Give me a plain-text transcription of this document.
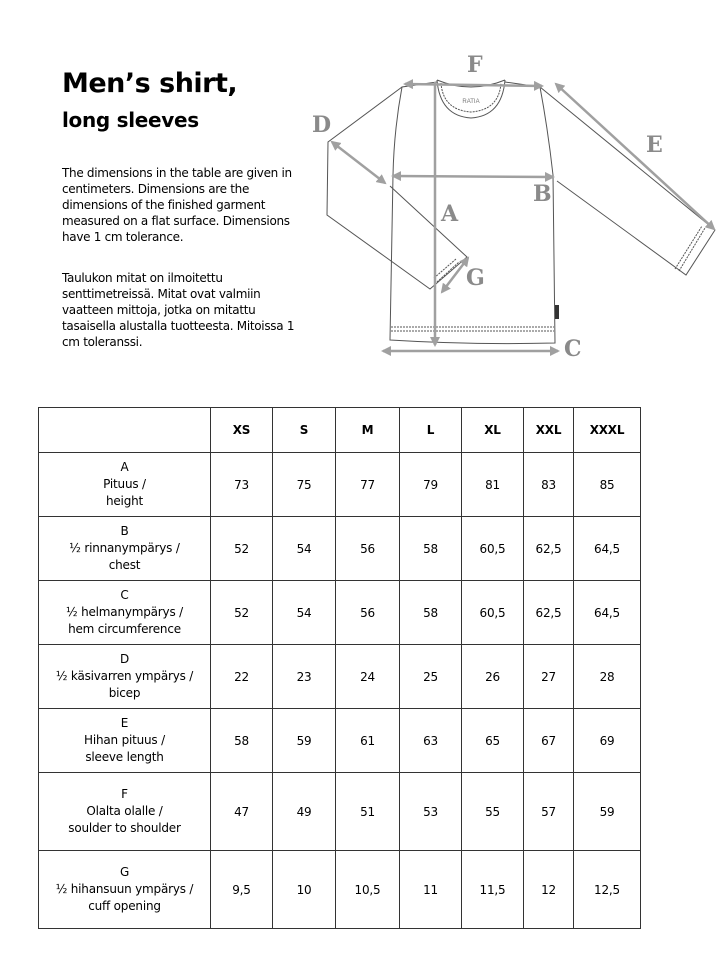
Men’s shirt,
long sleeves
The dimensions in the table are given in centimeters. Dimensions are the dimensions of the finished garment measured on a flat surface. Dimensions have 1 cm tolerance.
Taulukon mitat on ilmoitettu senttimetreissä. Mitat ovat valmiin vaatteen mittoja, jotka on mitattu tasaisella alustalla tuotteesta. Mitoissa 1 cm toleranssi.
RATIA
A
B
C
D
E
F
G
	XS	S	M	L	XL	XXL	XXXL

A
Pituus /
height	73	75	77	79	81	83	85

B
½ rinnanympärys /
chest	52	54	56	58	60,5	62,5	64,5

C
½ helmanympärys /
hem circumference	52	54	56	58	60,5	62,5	64,5

D
½ käsivarren ympärys /
bicep	22	23	24	25	26	27	28

E
Hihan pituus /
sleeve length	58	59	61	63	65	67	69

F
Olalta olalle /
soulder to shoulder	47	49	51	53	55	57	59

G
½ hihansuun ympärys /
cuff opening	9,5	10	10,5	11	11,5	12	12,5
